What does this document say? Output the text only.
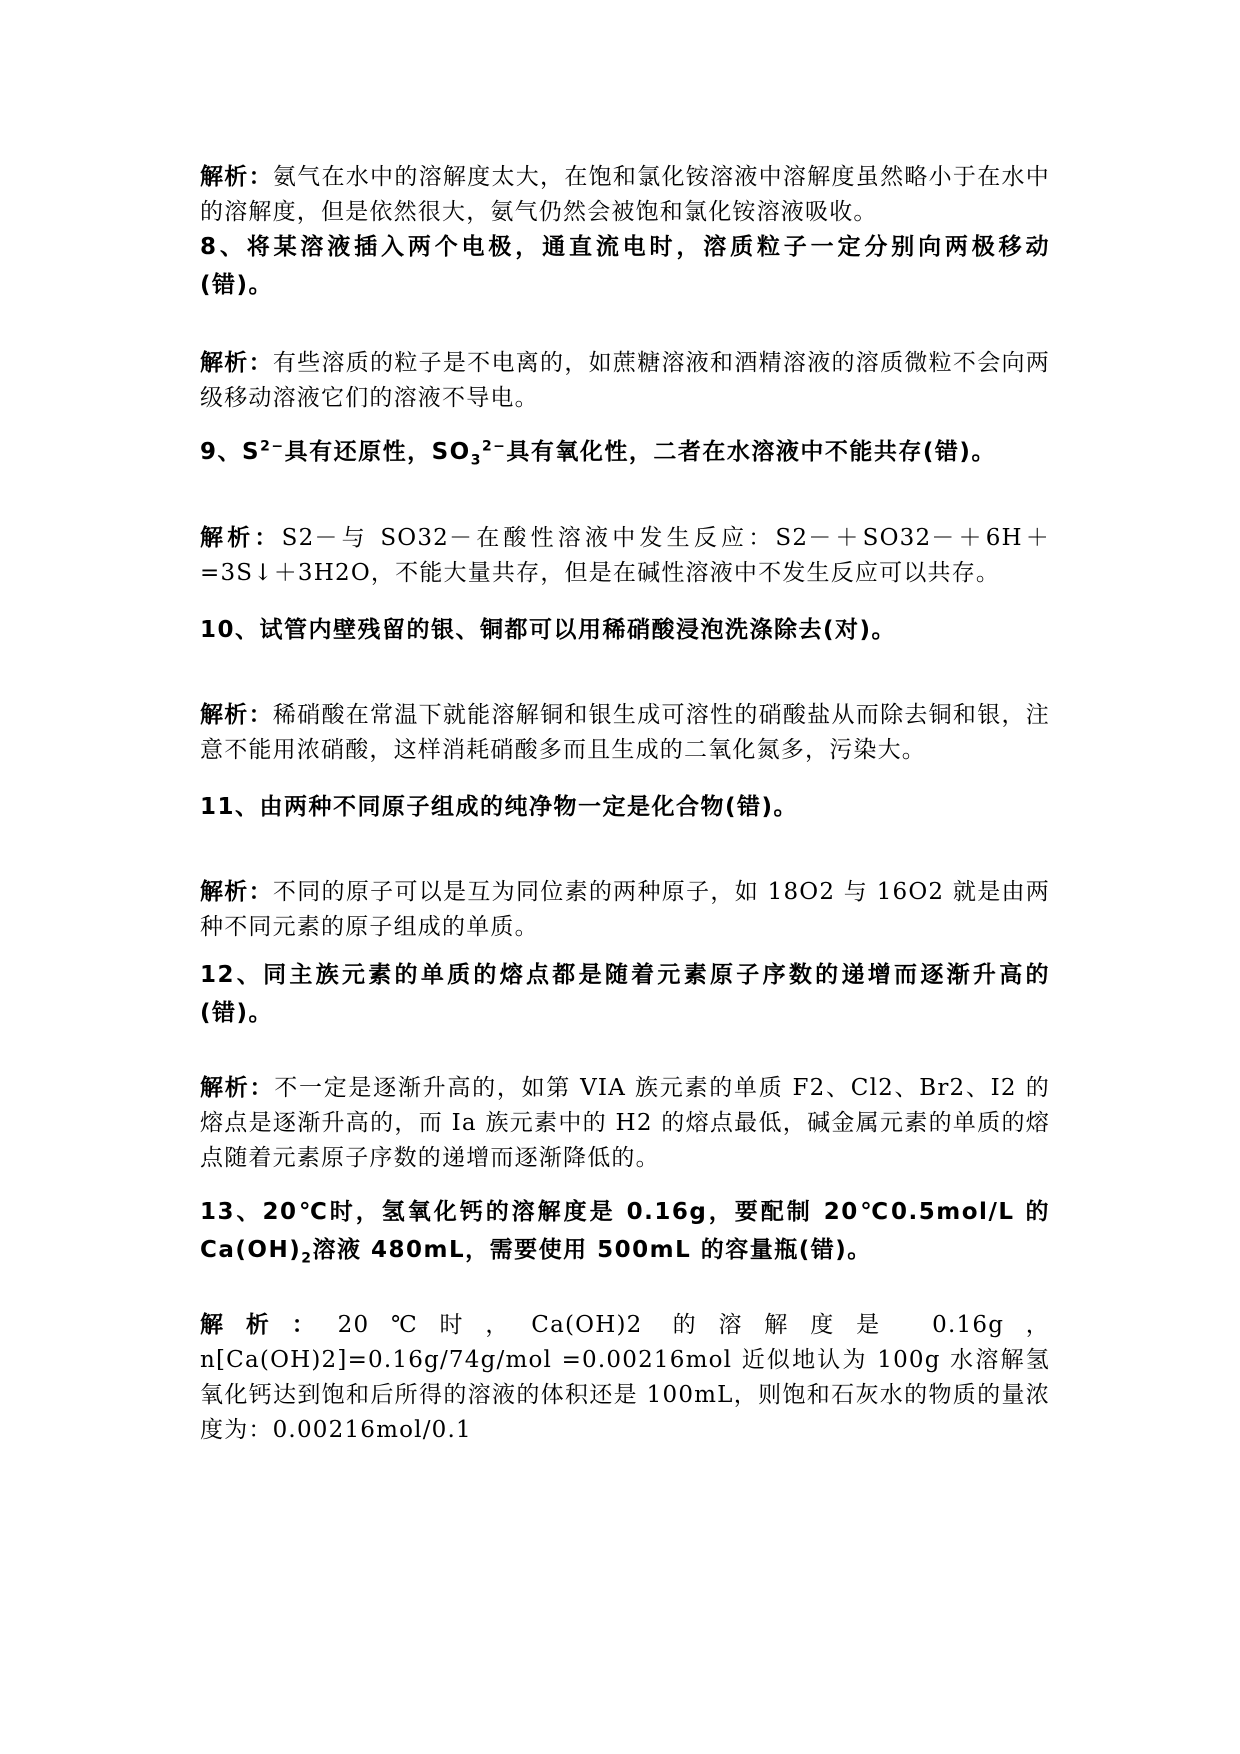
解析：氨气在水中的溶解度太大，在饱和氯化铵溶液中溶解度虽然略小于在水中的溶解度，但是依然很大，氨气仍然会被饱和氯化铵溶液吸收。
8、将某溶液插入两个电极，通直流电时，溶质粒子一定分别向两极移动(错)。
解析：有些溶质的粒子是不电离的，如蔗糖溶液和酒精溶液的溶质微粒不会向两级移动溶液它们的溶液不导电。
9、$S^{2-}$具有还原性，$SO_3^{2-}$具有氧化性，二者在水溶液中不能共存(错)。
解析：S2－与 SO32－在酸性溶液中发生反应：S2－＋SO32－＋6H＋=3S↓＋3H2O，不能大量共存，但是在碱性溶液中不发生反应可以共存。
10、试管内壁残留的银、铜都可以用稀硝酸浸泡洗涤除去(对)。
解析：稀硝酸在常温下就能溶解铜和银生成可溶性的硝酸盐从而除去铜和银，注意不能用浓硝酸，这样消耗硝酸多而且生成的二氧化氮多，污染大。
11、由两种不同原子组成的纯净物一定是化合物(错)。
解析：不同的原子可以是互为同位素的两种原子，如 18O2 与 16O2 就是由两种不同元素的原子组成的单质。
12、同主族元素的单质的熔点都是随着元素原子序数的递增而逐渐升高的(错)。
解析：不一定是逐渐升高的，如第 VIA 族元素的单质 F2、Cl2、Br2、I2 的熔点是逐渐升高的，而 Ia 族元素中的 H2 的熔点最低，碱金属元素的单质的熔点随着元素原子序数的递增而逐渐降低的。
13、20℃时，氢氧化钙的溶解度是 0.16g，要配制 20℃0.5mol/L 的 $Ca(OH)_2$溶液 480mL，需要使用 500mL 的容量瓶(错)。
解析：20℃时，Ca(OH)2 的溶解度是 0.16g，n[Ca(OH)2]=0.16g/74g/mol =0.00216mol 近似地认为 100g 水溶解氢氧化钙达到饱和后所得的溶液的体积还是 100mL，则饱和石灰水的物质的量浓度为：0.00216mol/0.1
